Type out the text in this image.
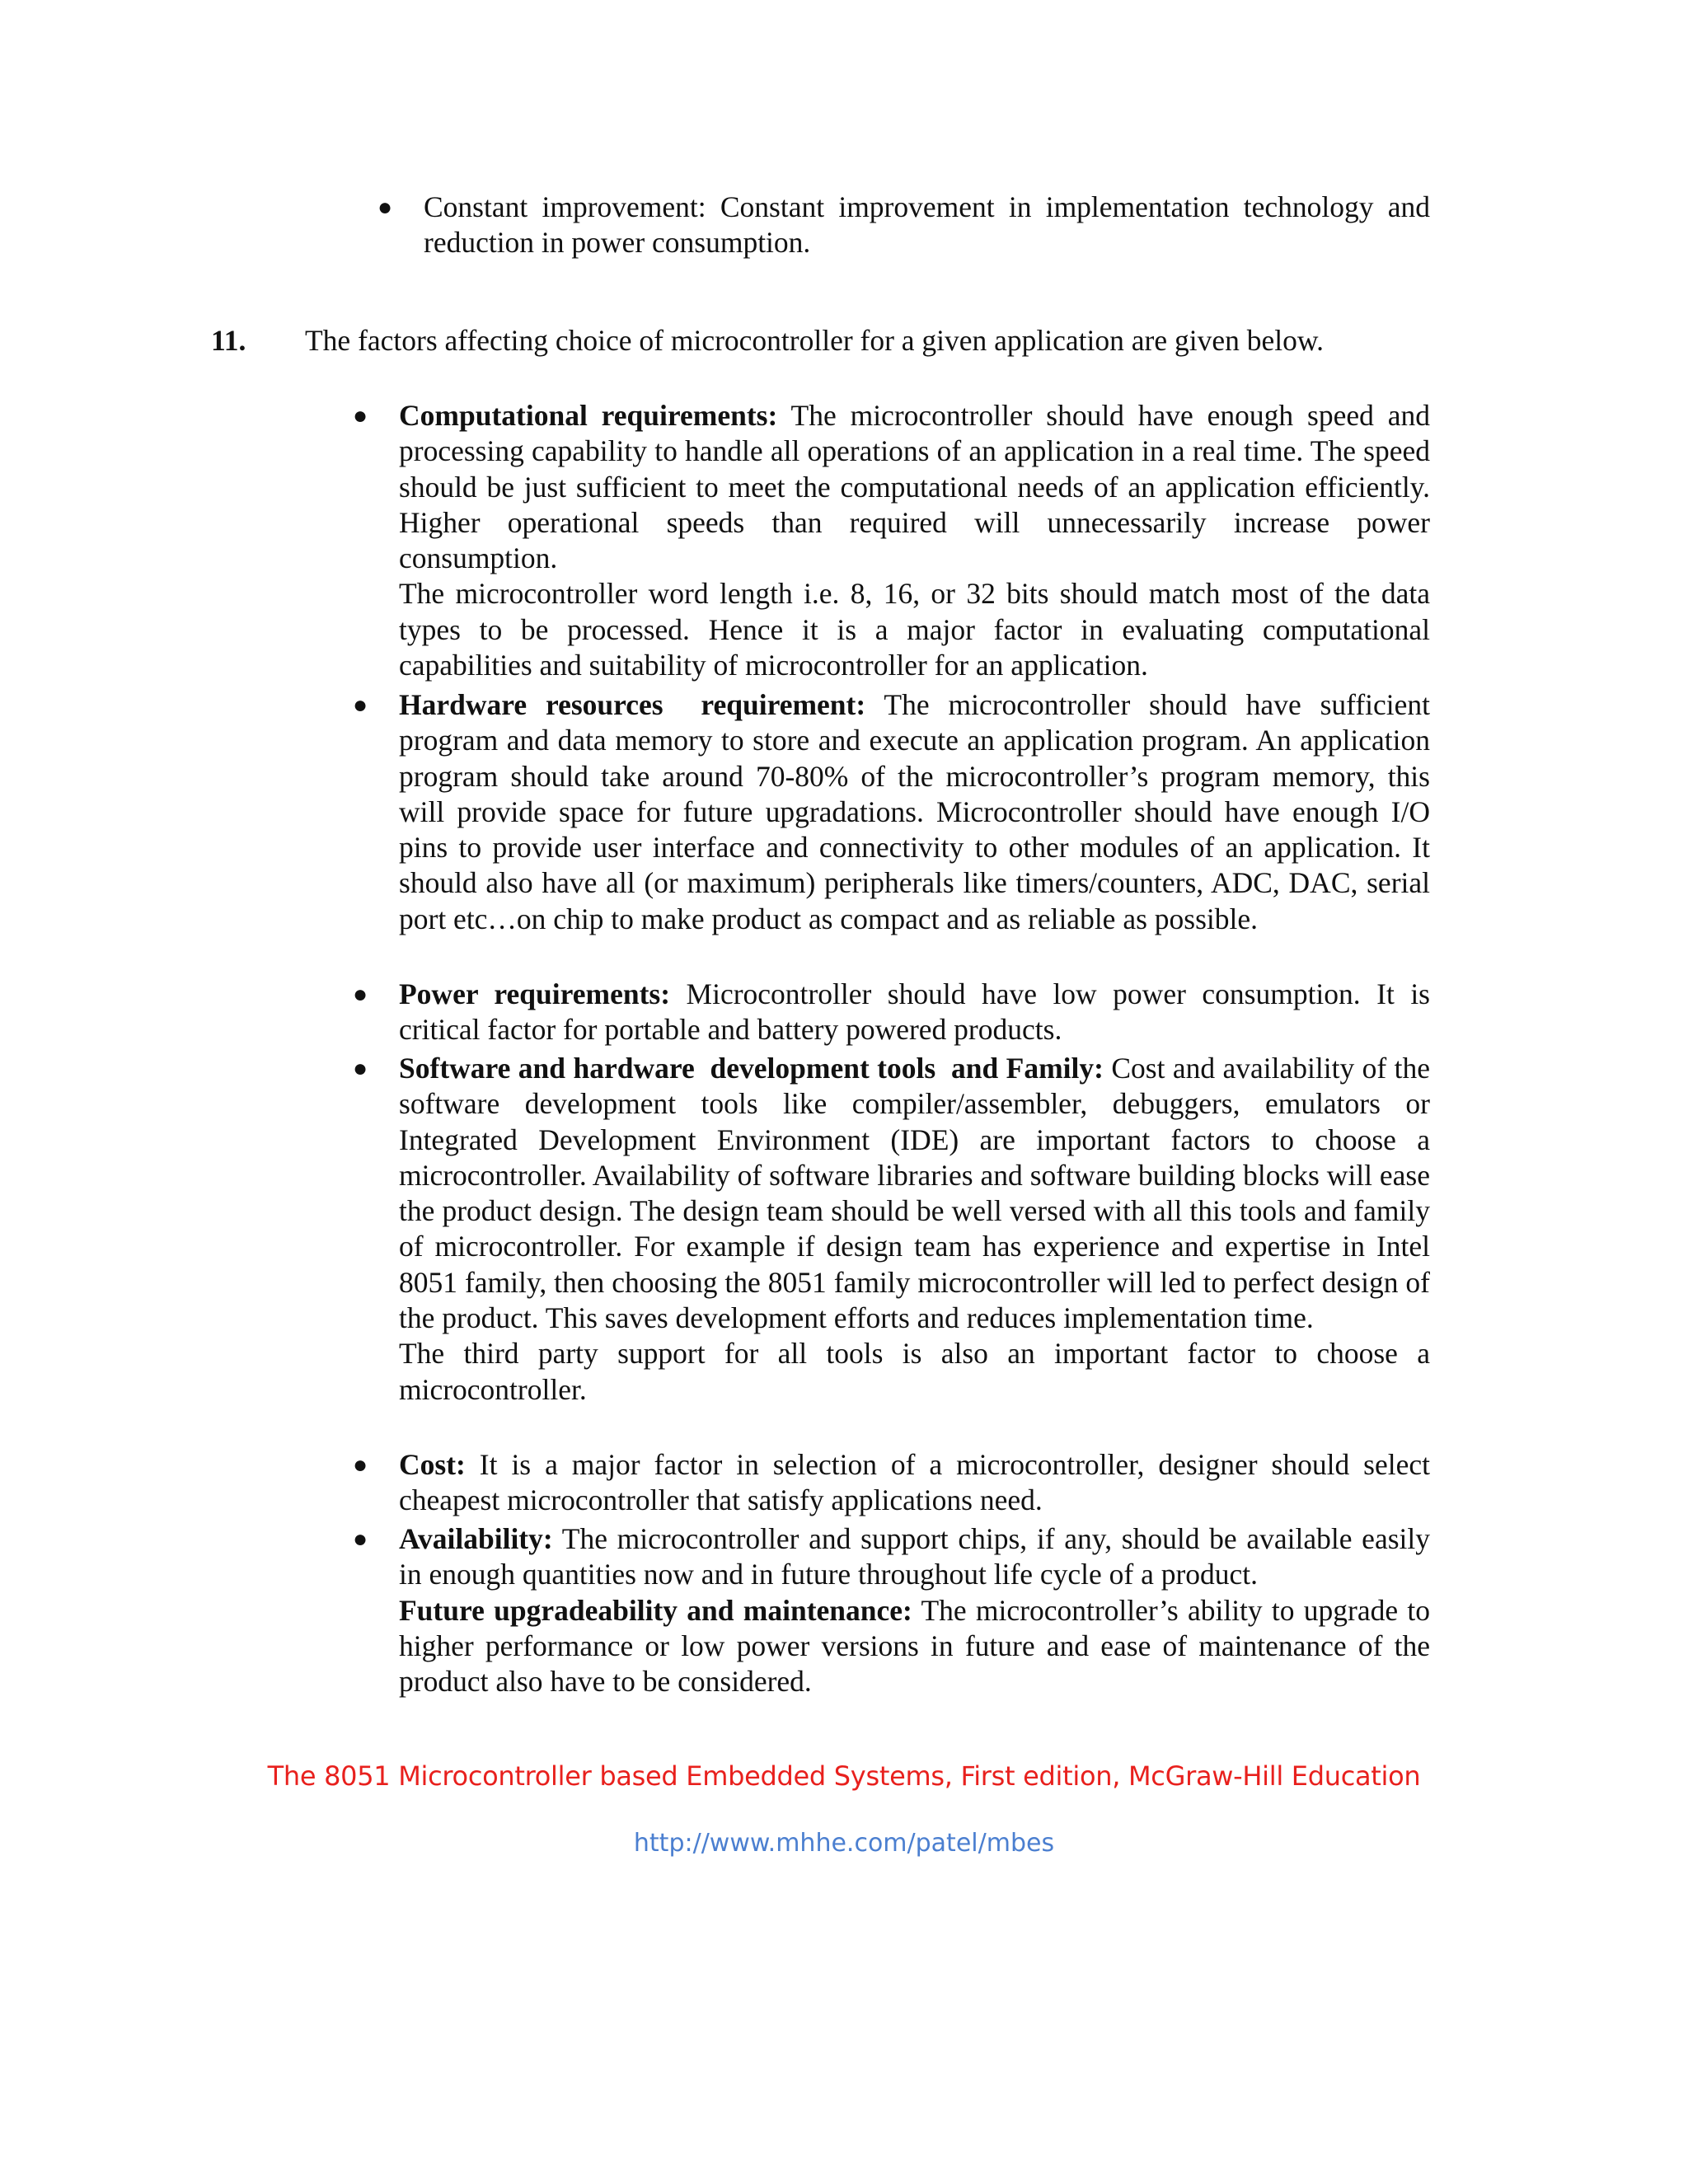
● Constant improvement: Constant improvement in implementation technology and reduction in power consumption.

11. The factors affecting choice of microcontroller for a given application are given below.
● Computational requirements: The microcontroller should have enough speed and processing capability to handle all operations of an application in a real time. The speed should be just sufficient to meet the computational needs of an application efficiently. Higher operational speeds than required will unnecessarily increase power consumption.
The microcontroller word length i.e. 8, 16, or 32 bits should match most of the data types to be processed. Hence it is a major factor in evaluating computational capabilities and suitability of microcontroller for an application.
● Hardware resources  requirement: The microcontroller should have sufficient program and data memory to store and execute an application program. An application program should take around 70-80% of the microcontroller’s program memory, this will provide space for future upgradations. Microcontroller should have enough I/O pins to provide user interface and connectivity to other modules of an application. It should also have all (or maximum) peripherals like timers/counters, ADC, DAC, serial port etc…on chip to make product as compact and as reliable as possible.
● Power requirements: Microcontroller should have low power consumption. It is critical factor for portable and battery powered products.
● Software and hardware  development tools  and Family: Cost and availability of the software development tools like compiler/assembler, debuggers, emulators or Integrated Development Environment (IDE) are important factors to choose a microcontroller. Availability of software libraries and software building blocks will ease the product design. The design team should be well versed with all this tools and family of microcontroller. For example if design team has experience and expertise in Intel 8051 family, then choosing the 8051 family microcontroller will led to perfect design of the product. This saves development efforts and reduces implementation time.
The third party support for all tools is also an important factor to choose a microcontroller.
● Cost: It is a major factor in selection of a microcontroller, designer should select cheapest microcontroller that satisfy applications need.
● Availability: The microcontroller and support chips, if any, should be available easily in enough quantities now and in future throughout life cycle of a product.
Future upgradeability and maintenance: The microcontroller’s ability to upgrade to higher performance or low power versions in future and ease of maintenance of the product also have to be considered.
The 8051 Microcontroller based Embedded Systems, First edition, McGraw-Hill Education
http://www.mhhe.com/patel/mbes
